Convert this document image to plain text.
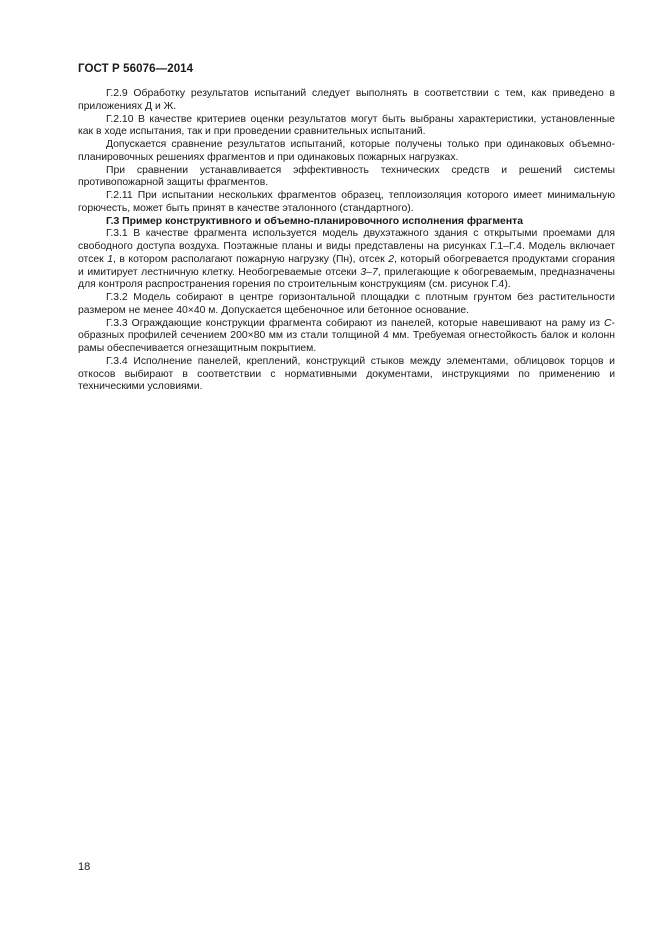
ГОСТ Р 56076—2014

Г.2.9 Обработку результатов испытаний следует выполнять в соответствии с тем, как приведено в приложениях Д и Ж.

Г.2.10 В качестве критериев оценки результатов могут быть выбраны характеристики, установленные как в ходе испытания, так и при проведении сравнительных испытаний.

Допускается сравнение результатов испытаний, которые получены только при одинаковых объемно-планировочных решениях фрагментов и при одинаковых пожарных нагрузках.

При сравнении устанавливается эффективность технических средств и решений системы противопожарной защиты фрагментов.

Г.2.11 При испытании нескольких фрагментов образец, теплоизоляция которого имеет минимальную горючесть, может быть принят в качестве эталонного (стандартного).

Г.3 Пример конструктивного и объемно-планировочного исполнения фрагмента

Г.3.1 В качестве фрагмента используется модель двухэтажного здания с открытыми проемами для свободного доступа воздуха. Поэтажные планы и виды представлены на рисунках Г.1–Г.4. Модель включает отсек 1, в котором располагают пожарную нагрузку (Пн), отсек 2, который обогревается продуктами сгорания и имитирует лестничную клетку. Необогреваемые отсеки 3–7, прилегающие к обогреваемым, предназначены для контроля распространения горения по строительным конструкциям (см. рисунок Г.4).

Г.3.2 Модель собирают в центре горизонтальной площадки с плотным грунтом без растительности размером не менее 40×40 м. Допускается щебеночное или бетонное основание.

Г.3.3 Ограждающие конструкции фрагмента собирают из панелей, которые навешивают на раму из С-образных профилей сечением 200×80 мм из стали толщиной 4 мм. Требуемая огнестойкость балок и колонн рамы обеспечивается огнезащитным покрытием.

Г.3.4 Исполнение панелей, креплений, конструкций стыков между элементами, облицовок торцов и откосов выбирают в соответствии с нормативными документами, инструкциями по применению и техническими условиями.

18
